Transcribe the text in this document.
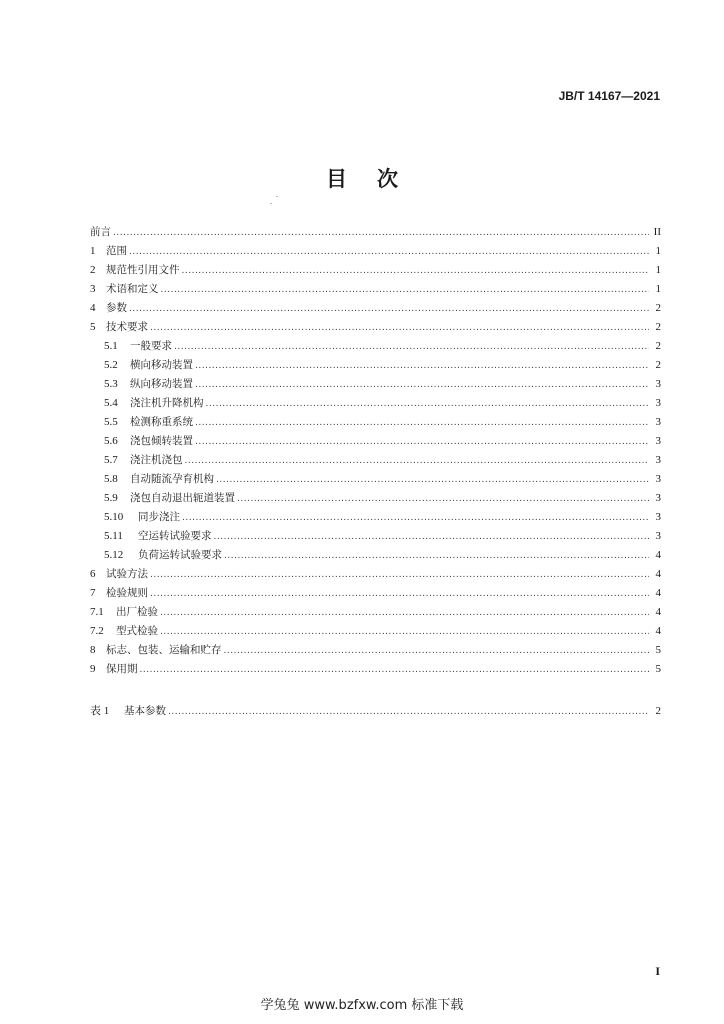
JB/T 14167—2021
目 次
前言 .....	II
1	范围 .....	1
2	规范性引用文件 .....	1
3	术语和定义 .....	1
4	参数 .....	2
5	技术要求 .....	2
5.1	一般要求 .....	2
5.2	横向移动装置 .....	2
5.3	纵向移动装置 .....	3
5.4	浇注机升降机构 .....	3
5.5	检测称重系统 .....	3
5.6	浇包倾转装置 .....	3
5.7	浇注机浇包 .....	3
5.8	自动随流孕育机构 .....	3
5.9	浇包自动退出轭道装置 .....	3
5.10	同步浇注 .....	3
5.11	空运转试验要求 .....	3
5.12	负荷运转试验要求 .....	4
6	试验方法 .....	4
7	检验规则 .....	4
7.1	出厂检验 .....	4
7.2	型式检验 .....	4
8	标志、包装、运输和贮存 .....	5
9	保用期 .....	5
表 1	基本参数 .....	2
I
学兔兔 www.bzfxw.com 标准下载
